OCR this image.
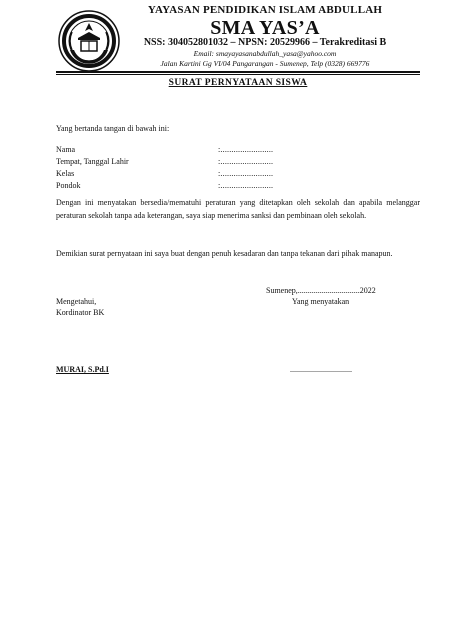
YAYASAN PENDIDIKAN ISLAM ABDULLAH
SMA YAS’A
NSS: 304052801032 – NPSN: 20529966 – Terakreditasi B
Email: smayayasanabdullah_yasa@yahoo.com
Jalan Kartini Gg VI/04 Pangarangan - Sumenep, Telp (0328) 669776
SURAT PERNYATAAN SISWA
Yang bertanda tangan di bawah ini:
Nama	:........................
Tempat, Tanggal Lahir	:........................
Kelas	:........................
Pondok	:........................
Dengan ini menyatakan bersedia/mematuhi peraturan yang ditetapkan oleh sekolah dan apabila melanggar peraturan sekolah tanpa ada keterangan, saya siap menerima sanksi dan pembinaan oleh sekolah.
Demikian surat pernyataan ini saya buat dengan penuh kesadaran dan tanpa tekanan dari pihak manapun.
Sumenep,...............................2022
Mengetahui,	Yang menyatakan
Kordinator BK
MURAI, S.Pd.I	...............................
